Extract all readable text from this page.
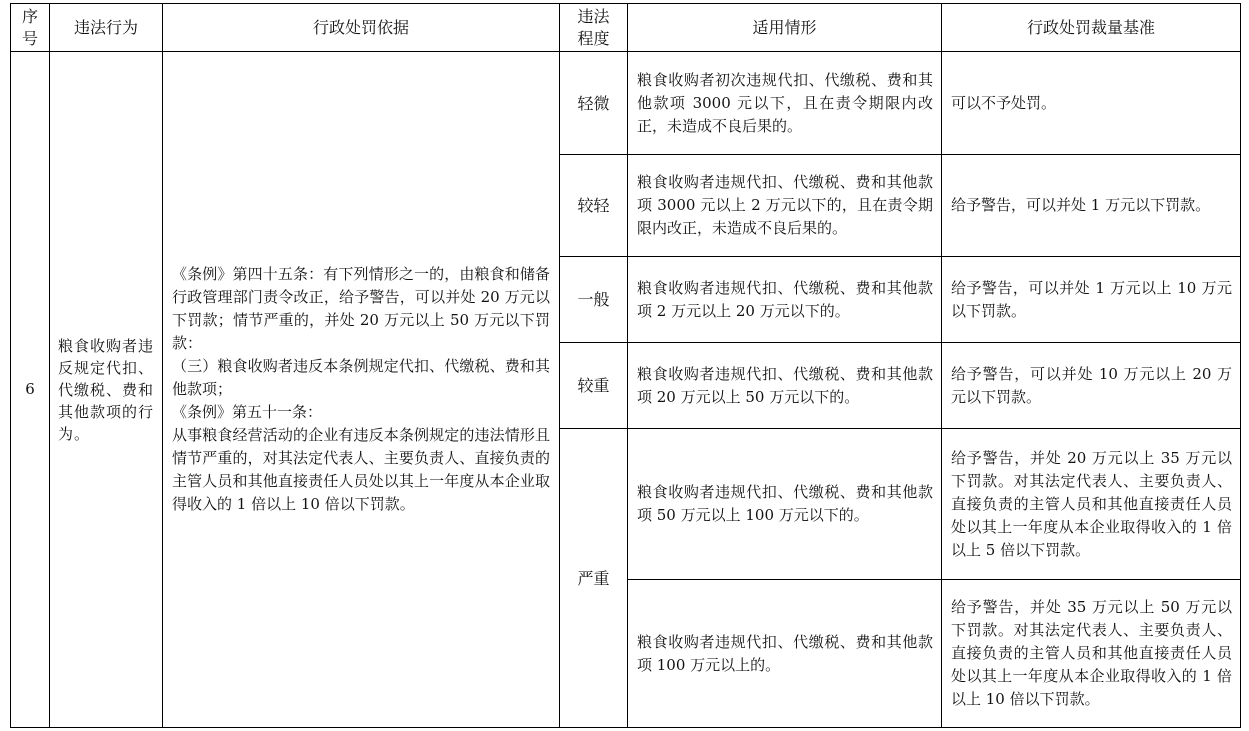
序号	违法行为	行政处罚依据	违法程度	适用情形	行政处罚裁量基准
6	粮食收购者违反规定代扣、代缴税、费和其他款项的行为。	《条例》第四十五条：有下列情形之一的，由粮食和储备行政管理部门责令改正，给予警告，可以并处 20 万元以下罚款；情节严重的，并处 20 万元以上 50 万元以下罚款：
（三）粮食收购者违反本条例规定代扣、代缴税、费和其他款项；
《条例》第五十一条：
从事粮食经营活动的企业有违反本条例规定的违法情形且情节严重的，对其法定代表人、主要负责人、直接负责的主管人员和其他直接责任人员处以其上一年度从本企业取得收入的 1 倍以上 10 倍以下罚款。	轻微	粮食收购者初次违规代扣、代缴税、费和其他款项 3000 元以下，且在责令期限内改正，未造成不良后果的。	可以不予处罚。
			较轻	粮食收购者违规代扣、代缴税、费和其他款项 3000 元以上 2 万元以下的，且在责令期限内改正，未造成不良后果的。	给予警告，可以并处 1 万元以下罚款。
			一般	粮食收购者违规代扣、代缴税、费和其他款项 2 万元以上 20 万元以下的。	给予警告，可以并处 1 万元以上 10 万元以下罚款。
			较重	粮食收购者违规代扣、代缴税、费和其他款项 20 万元以上 50 万元以下的。	给予警告，可以并处 10 万元以上 20 万元以下罚款。
			严重	粮食收购者违规代扣、代缴税、费和其他款项 50 万元以上 100 万元以下的。	给予警告，并处 20 万元以上 35 万元以下罚款。对其法定代表人、主要负责人、直接负责的主管人员和其他直接责任人员处以其上一年度从本企业取得收入的 1 倍以上 5 倍以下罚款。
				粮食收购者违规代扣、代缴税、费和其他款项 100 万元以上的。	给予警告，并处 35 万元以上 50 万元以下罚款。对其法定代表人、主要负责人、直接负责的主管人员和其他直接责任人员处以其上一年度从本企业取得收入的 1 倍以上 10 倍以下罚款。
